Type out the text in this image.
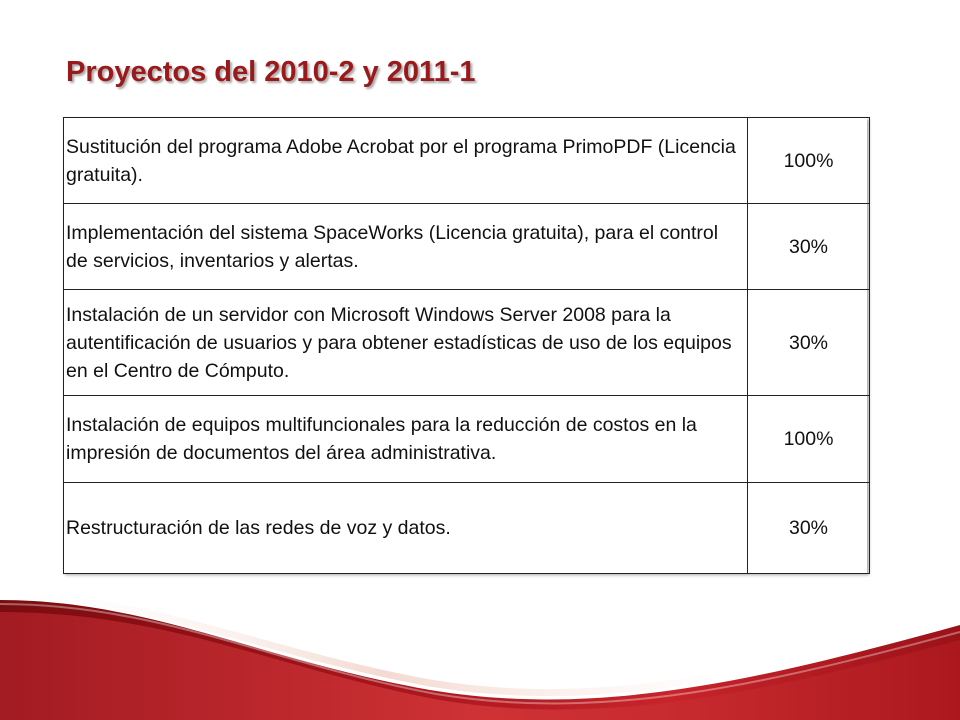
Proyectos del 2010-2 y 2011-1
Sustitución del programa Adobe Acrobat por el programa PrimoPDF (Licencia gratuita).	100%
Implementación del sistema SpaceWorks (Licencia gratuita), para el control de servicios, inventarios y alertas.	30%
Instalación de un servidor con Microsoft Windows Server 2008 para la autentificación de usuarios y para obtener estadísticas de uso de los equipos en el Centro de Cómputo.	30%
Instalación de equipos multifuncionales para la reducción de costos en la impresión de documentos del área administrativa.	100%
Restructuración de las redes de voz y datos.	30%
